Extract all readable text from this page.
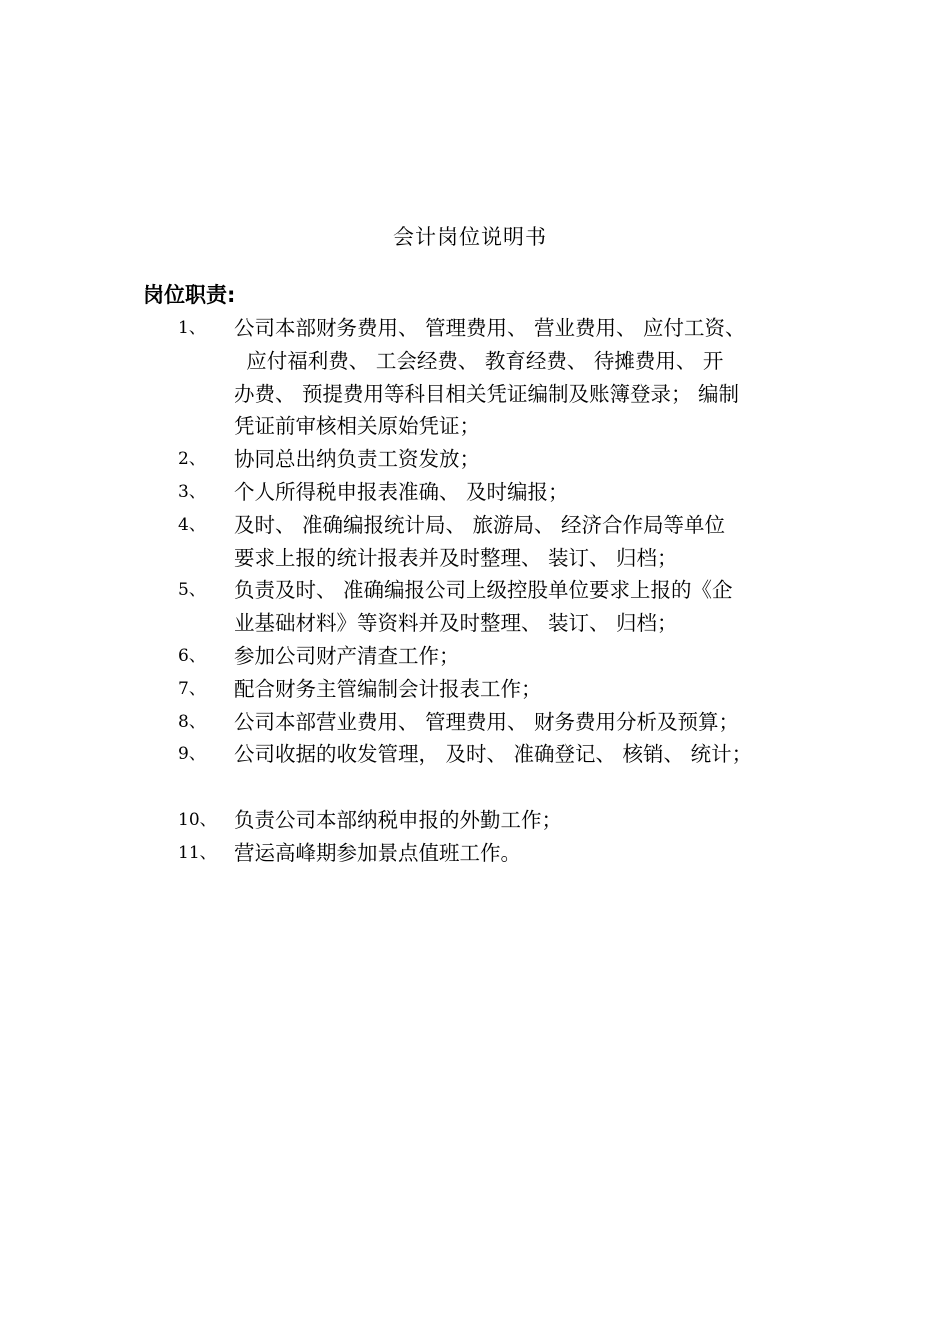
会计岗位说明书
岗位职责:
1、	公司本部财务费用、 管理费用、 营业费用、 应付工资、
应付福利费、 工会经费、 教育经费、 待摊费用、 开
办费、 预提费用等科目相关凭证编制及账簿登录； 编制
凭证前审核相关原始凭证；
2、	协同总出纳负责工资发放；
3、	个人所得税申报表准确、 及时编报；
4、	及时、 准确编报统计局、 旅游局、 经济合作局等单位
要求上报的统计报表并及时整理、 装订、 归档；
5、	负责及时、 准确编报公司上级控股单位要求上报的《企
业基础材料》等资料并及时整理、 装订、 归档；
6、	参加公司财产清查工作；
7、	配合财务主管编制会计报表工作；
8、	公司本部营业费用、 管理费用、 财务费用分析及预算；
9、	公司收据的收发管理， 及时、 准确登记、 核销、 统计；
10、 负责公司本部纳税申报的外勤工作；
11、 营运高峰期参加景点值班工作。
